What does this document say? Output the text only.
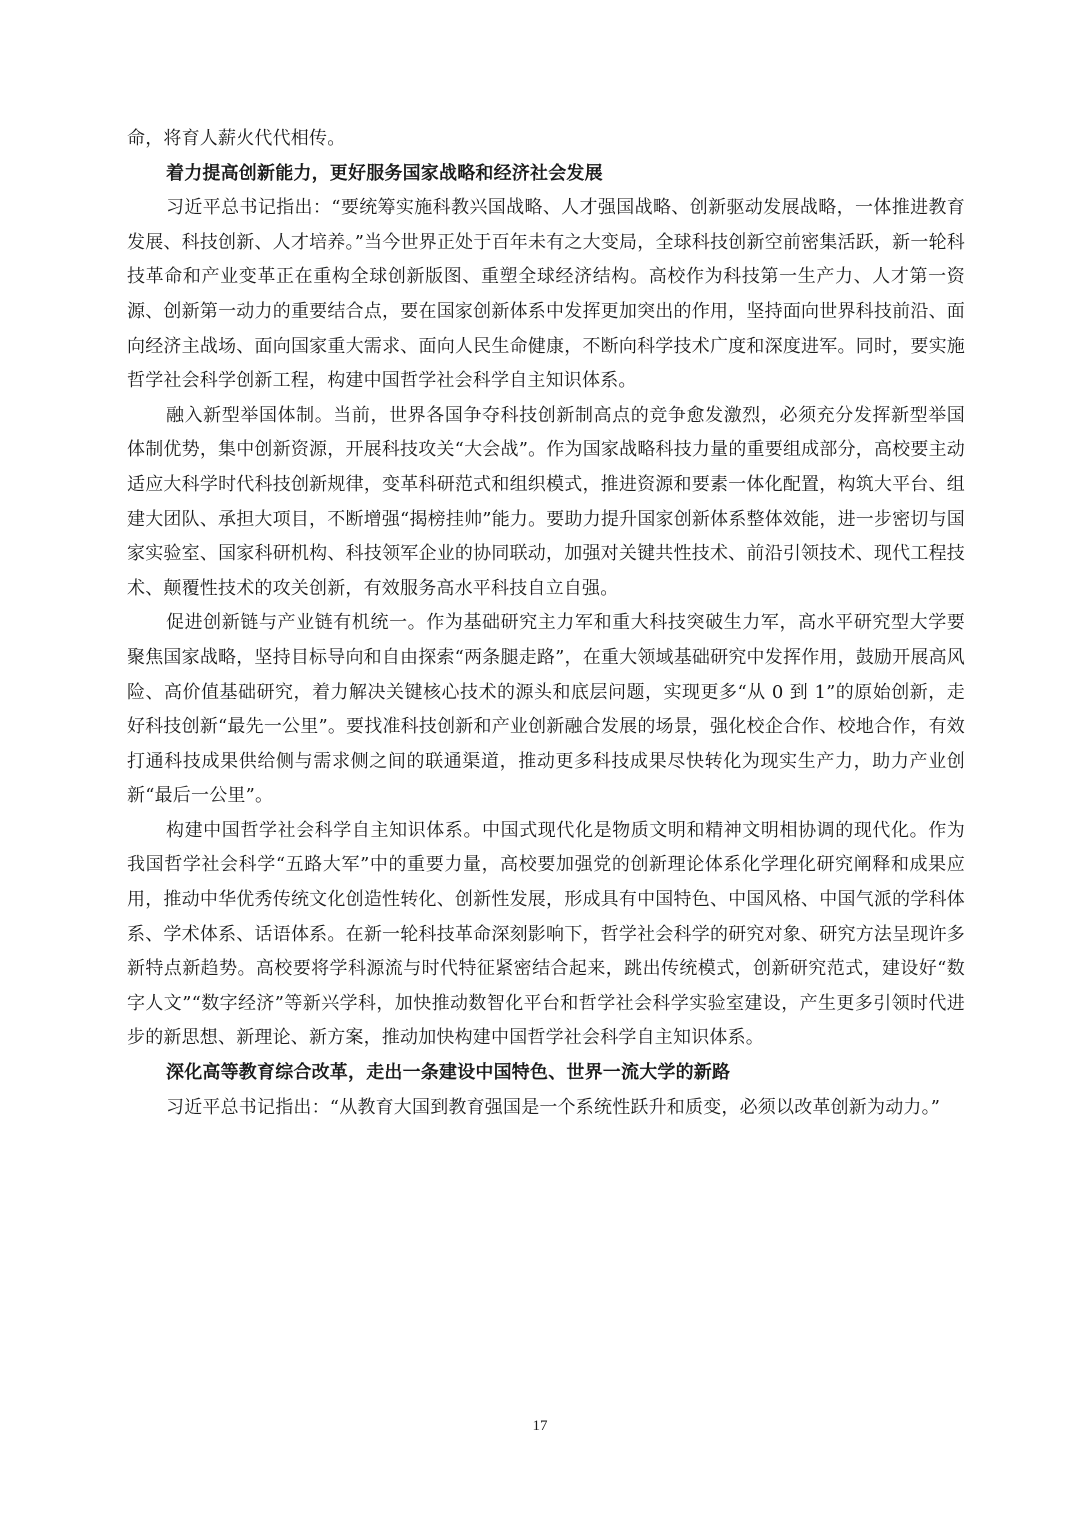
命，将育人薪火代代相传。

着力提高创新能力，更好服务国家战略和经济社会发展

习近平总书记指出：“要统筹实施科教兴国战略、人才强国战略、创新驱动发展战略，一体推进教育发展、科技创新、人才培养。”当今世界正处于百年未有之大变局，全球科技创新空前密集活跃，新一轮科技革命和产业变革正在重构全球创新版图、重塑全球经济结构。高校作为科技第一生产力、人才第一资源、创新第一动力的重要结合点，要在国家创新体系中发挥更加突出的作用，坚持面向世界科技前沿、面向经济主战场、面向国家重大需求、面向人民生命健康，不断向科学技术广度和深度进军。同时，要实施哲学社会科学创新工程，构建中国哲学社会科学自主知识体系。

融入新型举国体制。当前，世界各国争夺科技创新制高点的竞争愈发激烈，必须充分发挥新型举国体制优势，集中创新资源，开展科技攻关“大会战”。作为国家战略科技力量的重要组成部分，高校要主动适应大科学时代科技创新规律，变革科研范式和组织模式，推进资源和要素一体化配置，构筑大平台、组建大团队、承担大项目，不断增强“揭榜挂帅”能力。要助力提升国家创新体系整体效能，进一步密切与国家实验室、国家科研机构、科技领军企业的协同联动，加强对关键共性技术、前沿引领技术、现代工程技术、颠覆性技术的攻关创新，有效服务高水平科技自立自强。

促进创新链与产业链有机统一。作为基础研究主力军和重大科技突破生力军，高水平研究型大学要聚焦国家战略，坚持目标导向和自由探索“两条腿走路”，在重大领域基础研究中发挥作用，鼓励开展高风险、高价值基础研究，着力解决关键核心技术的源头和底层问题，实现更多“从 0 到 1”的原始创新，走好科技创新“最先一公里”。要找准科技创新和产业创新融合发展的场景，强化校企合作、校地合作，有效打通科技成果供给侧与需求侧之间的联通渠道，推动更多科技成果尽快转化为现实生产力，助力产业创新“最后一公里”。

构建中国哲学社会科学自主知识体系。中国式现代化是物质文明和精神文明相协调的现代化。作为我国哲学社会科学“五路大军”中的重要力量，高校要加强党的创新理论体系化学理化研究阐释和成果应用，推动中华优秀传统文化创造性转化、创新性发展，形成具有中国特色、中国风格、中国气派的学科体系、学术体系、话语体系。在新一轮科技革命深刻影响下，哲学社会科学的研究对象、研究方法呈现许多新特点新趋势。高校要将学科源流与时代特征紧密结合起来，跳出传统模式，创新研究范式，建设好“数字人文”“数字经济”等新兴学科，加快推动数智化平台和哲学社会科学实验室建设，产生更多引领时代进步的新思想、新理论、新方案，推动加快构建中国哲学社会科学自主知识体系。

深化高等教育综合改革，走出一条建设中国特色、世界一流大学的新路

习近平总书记指出：“从教育大国到教育强国是一个系统性跃升和质变，必须以改革创新为动力。”

17
